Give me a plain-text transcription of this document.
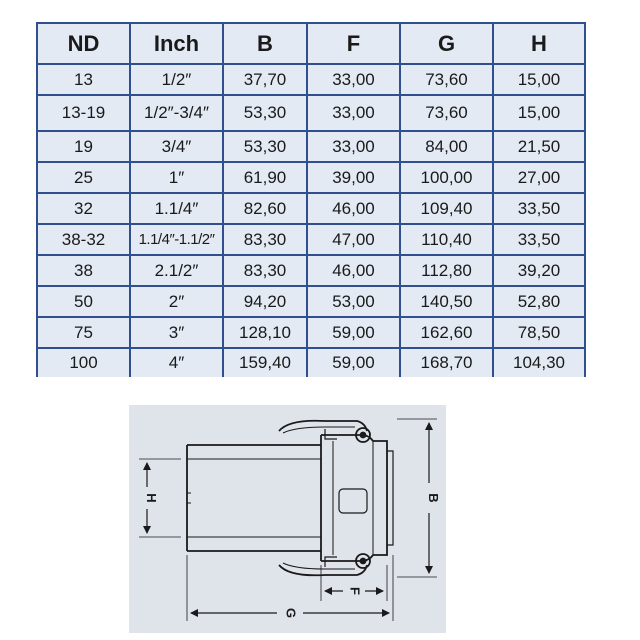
ND	Inch	B	F	G	H
13	1/2″	37,70	33,00	73,60	15,00
13-19	1/2″-3/4″	53,30	33,00	73,60	15,00
19	3/4″	53,30	33,00	84,00	21,50
25	1″	61,90	39,00	100,00	27,00
32	1.1/4″	82,60	46,00	109,40	33,50
38-32	1.1/4″-1.1/2″	83,30	47,00	110,40	33,50
38	2.1/2″	83,30	46,00	112,80	39,20
50	2″	94,20	53,00	140,50	52,80
75	3″	128,10	59,00	162,60	78,50
100	4″	159,40	59,00	168,70	104,30
H	B
F
G
